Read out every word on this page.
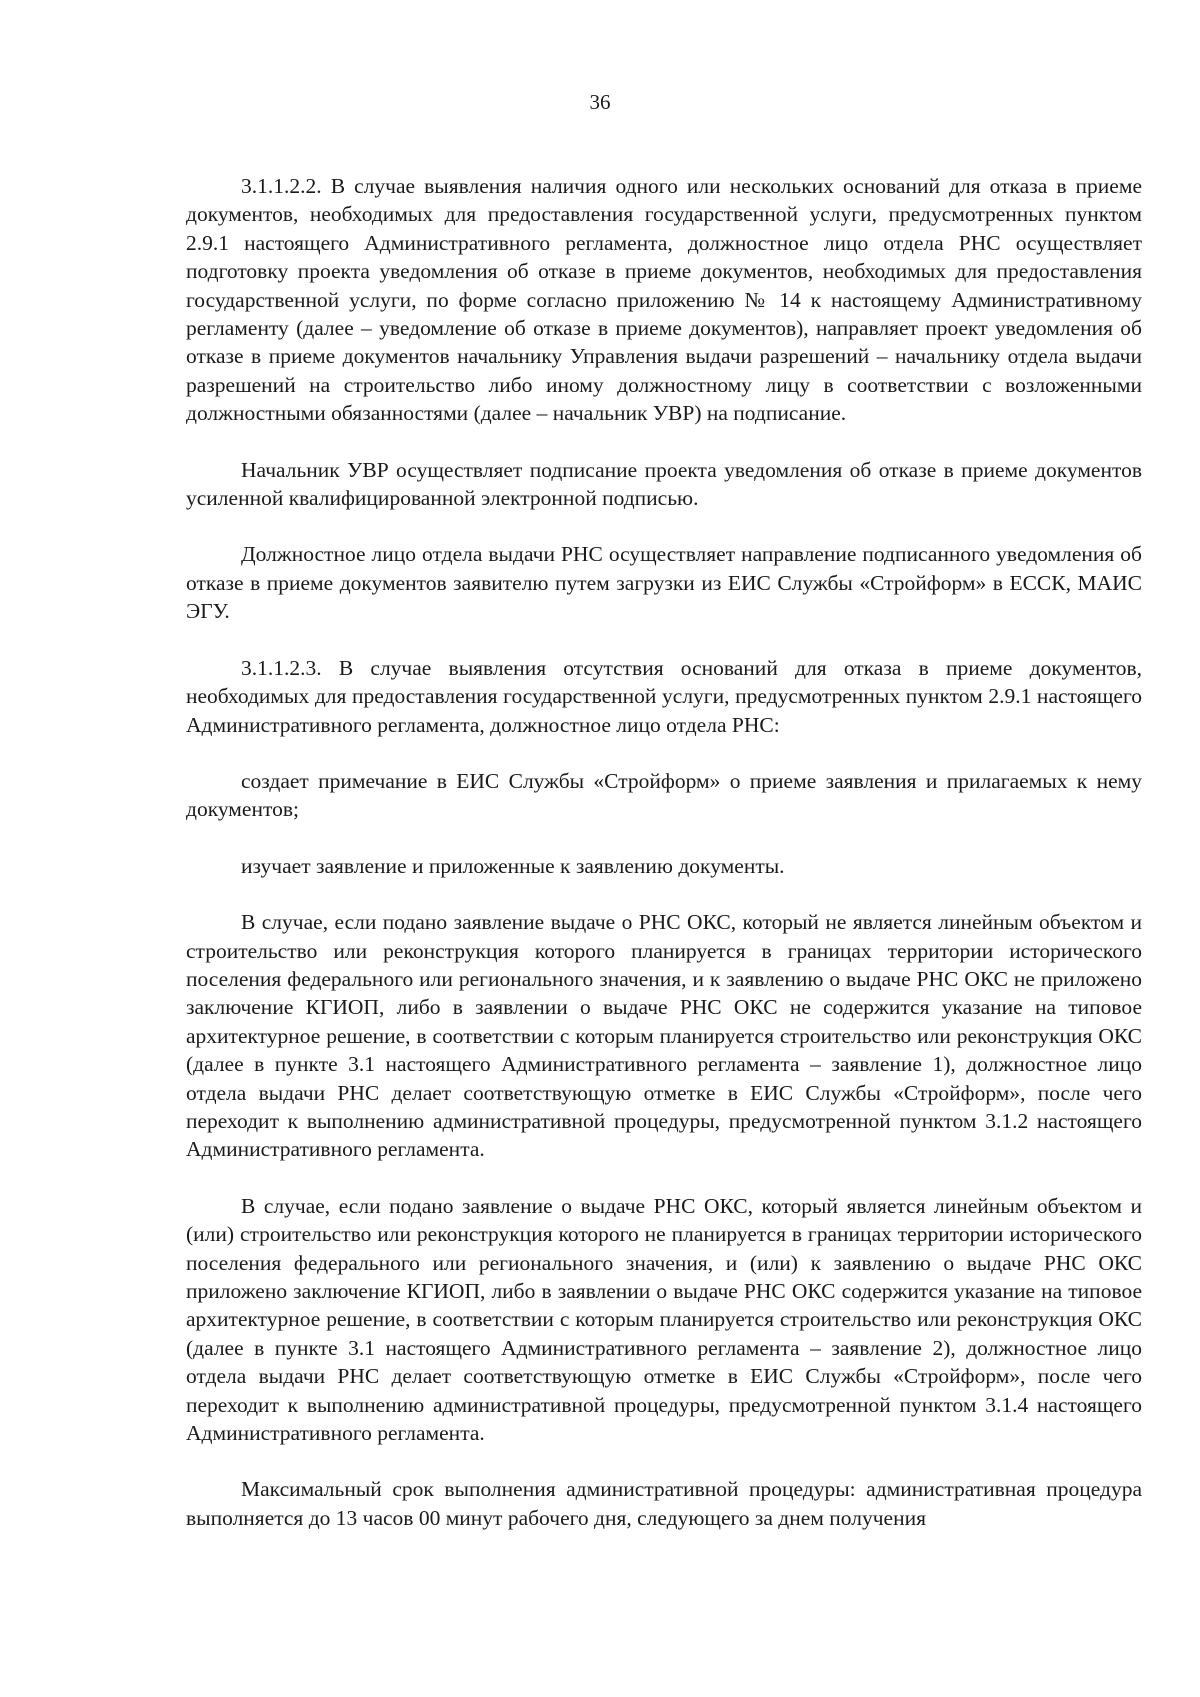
36

3.1.1.2.2. В случае выявления наличия одного или нескольких оснований для отказа в приеме документов, необходимых для предоставления государственной услуги, предусмотренных пунктом 2.9.1 настоящего Административного регламента, должностное лицо отдела РНС осуществляет подготовку проекта уведомления об отказе в приеме документов, необходимых для предоставления государственной услуги, по форме согласно приложению № 14 к настоящему Административному регламенту (далее – уведомление об отказе в приеме документов), направляет проект уведомления об отказе в приеме документов начальнику Управления выдачи разрешений – начальнику отдела выдачи разрешений на строительство либо иному должностному лицу в соответствии с возложенными должностными обязанностями (далее – начальник УВР) на подписание.

Начальник УВР осуществляет подписание проекта уведомления об отказе в приеме документов усиленной квалифицированной электронной подписью.

Должностное лицо отдела выдачи РНС осуществляет направление подписанного уведомления об отказе в приеме документов заявителю путем загрузки из ЕИС Службы «Стройформ» в ЕССК, МАИС ЭГУ.

3.1.1.2.3. В случае выявления отсутствия оснований для отказа в приеме документов, необходимых для предоставления государственной услуги, предусмотренных пунктом 2.9.1 настоящего Административного регламента, должностное лицо отдела РНС:

создает примечание в ЕИС Службы «Стройформ» о приеме заявления и прилагаемых к нему документов;

изучает заявление и приложенные к заявлению документы.

В случае, если подано заявление выдаче о РНС ОКС, который не является линейным объектом и строительство или реконструкция которого планируется в границах территории исторического поселения федерального или регионального значения, и к заявлению о выдаче РНС ОКС не приложено заключение КГИОП, либо в заявлении о выдаче РНС ОКС не содержится указание на типовое архитектурное решение, в соответствии с которым планируется строительство или реконструкция ОКС (далее в пункте 3.1 настоящего Административного регламента – заявление 1), должностное лицо отдела выдачи РНС делает соответствующую отметке в ЕИС Службы «Стройформ», после чего переходит к выполнению административной процедуры, предусмотренной пунктом 3.1.2 настоящего Административного регламента.

В случае, если подано заявление о выдаче РНС ОКС, который является линейным объектом и (или) строительство или реконструкция которого не планируется в границах территории исторического поселения федерального или регионального значения, и (или) к заявлению о выдаче РНС ОКС приложено заключение КГИОП, либо в заявлении о выдаче РНС ОКС содержится указание на типовое архитектурное решение, в соответствии с которым планируется строительство или реконструкция ОКС (далее в пункте 3.1 настоящего Административного регламента – заявление 2), должностное лицо отдела выдачи РНС делает соответствующую отметке в ЕИС Службы «Стройформ», после чего переходит к выполнению административной процедуры, предусмотренной пунктом 3.1.4 настоящего Административного регламента.

Максимальный срок выполнения административной процедуры: административная процедура выполняется до 13 часов 00 минут рабочего дня, следующего за днем получения
